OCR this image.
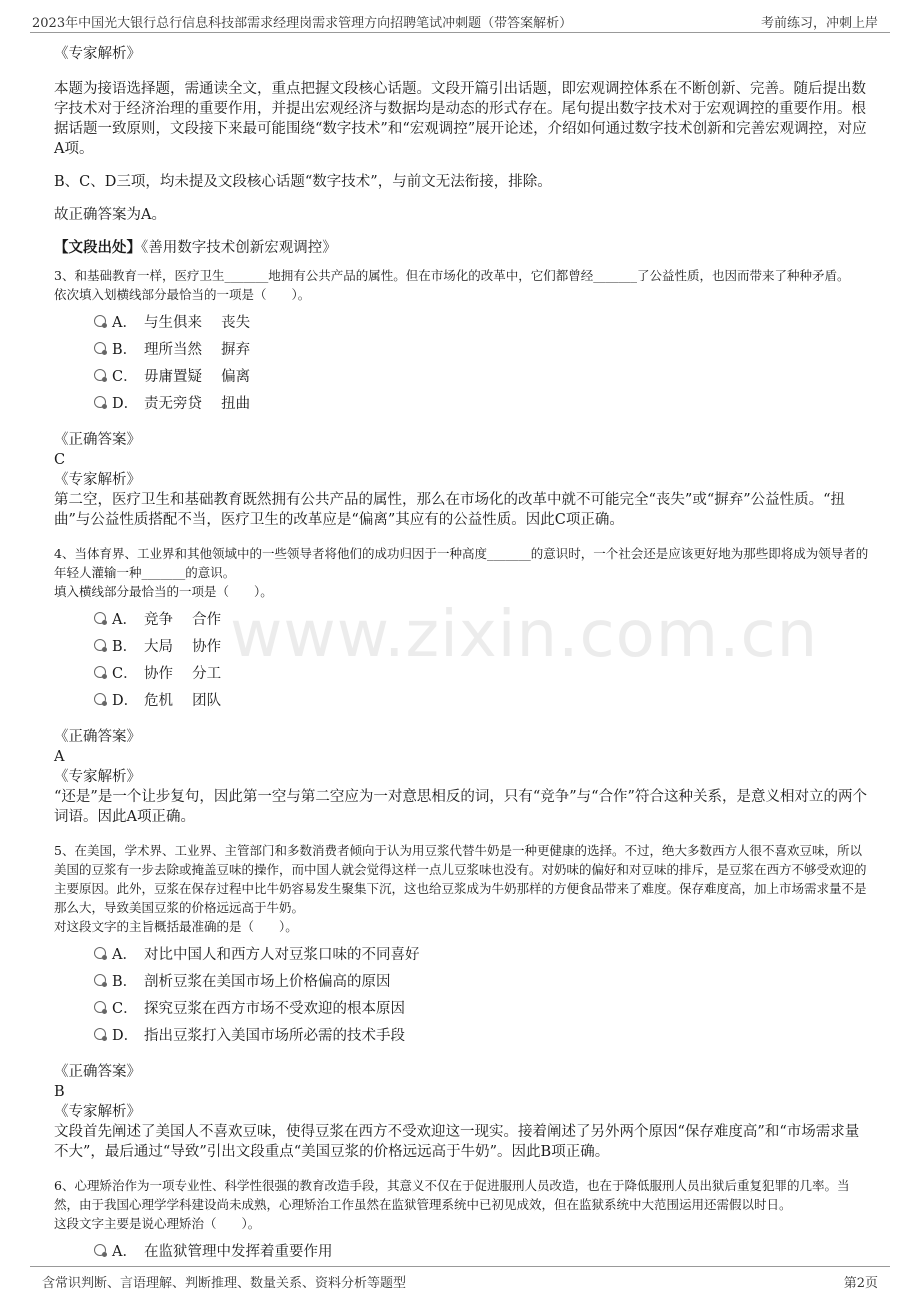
2023年中国光大银行总行信息科技部需求经理岗需求管理方向招聘笔试冲刺题（带答案解析）	考前练习，冲刺上岸
www.zixin.com.cn

《专家解析》

本题为接语选择题，需通读全文，重点把握文段核心话题。文段开篇引出话题，即宏观调控体系在不断创新、完善。随后提出数字技术对于经济治理的重要作用，并提出宏观经济与数据均是动态的形式存在。尾句提出数字技术对于宏观调控的重要作用。根据话题一致原则，文段接下来最可能围绕“数字技术”和“宏观调控”展开论述，介绍如何通过数字技术创新和完善宏观调控，对应A项。

B、C、D三项，均未提及文段核心话题“数字技术”，与前文无法衔接，排除。

故正确答案为A。

【文段出处】《善用数字技术创新宏观调控》

3、和基础教育一样，医疗卫生_______地拥有公共产品的属性。但在市场化的改革中，它们都曾经_______了公益性质，也因而带来了种种矛盾。

依次填入划横线部分最恰当的一项是（　　）。

A． 与生俱来　 丧失
B． 理所当然　 摒弃
C． 毋庸置疑　 偏离
D． 责无旁贷　 扭曲

《正确答案》

C

《专家解析》

第二空，医疗卫生和基础教育既然拥有公共产品的属性，那么在市场化的改革中就不可能完全“丧失”或“摒弃”公益性质。“扭曲”与公益性质搭配不当，医疗卫生的改革应是“偏离”其应有的公益性质。因此C项正确。

4、当体育界、工业界和其他领域中的一些领导者将他们的成功归因于一种高度_______的意识时，一个社会还是应该更好地为那些即将成为领导者的年轻人灌输一种_______的意识。

填入横线部分最恰当的一项是（　　）。

A． 竞争　 合作
B． 大局　 协作
C． 协作　 分工
D． 危机　 团队

《正确答案》

A

《专家解析》

“还是”是一个让步复句，因此第一空与第二空应为一对意思相反的词，只有“竞争”与“合作”符合这种关系，是意义相对立的两个词语。因此A项正确。

5、在美国，学术界、工业界、主管部门和多数消费者倾向于认为用豆浆代替牛奶是一种更健康的选择。不过，绝大多数西方人很不喜欢豆味，所以美国的豆浆有一步去除或掩盖豆味的操作，而中国人就会觉得这样一点儿豆浆味也没有。对奶味的偏好和对豆味的排斥，是豆浆在西方不够受欢迎的主要原因。此外，豆浆在保存过程中比牛奶容易发生聚集下沉，这也给豆浆成为牛奶那样的方便食品带来了难度。保存难度高，加上市场需求量不是那么大，导致美国豆浆的价格远远高于牛奶。

对这段文字的主旨概括最准确的是（　　）。

A． 对比中国人和西方人对豆浆口味的不同喜好
B． 剖析豆浆在美国市场上价格偏高的原因
C． 探究豆浆在西方市场不受欢迎的根本原因
D． 指出豆浆打入美国市场所必需的技术手段

《正确答案》

B

《专家解析》

文段首先阐述了美国人不喜欢豆味，使得豆浆在西方不受欢迎这一现实。接着阐述了另外两个原因“保存难度高”和“市场需求量不大”，最后通过“导致”引出文段重点“美国豆浆的价格远远高于牛奶”。因此B项正确。

6、心理矫治作为一项专业性、科学性很强的教育改造手段，其意义不仅在于促进服刑人员改造，也在于降低服刑人员出狱后重复犯罪的几率。当然，由于我国心理学学科建设尚未成熟，心理矫治工作虽然在监狱管理系统中已初见成效，但在监狱系统中大范围运用还需假以时日。

这段文字主要是说心理矫治（　　）。

A． 在监狱管理中发挥着重要作用
含常识判断、言语理解、判断推理、数量关系、资料分析等题型	第2页
